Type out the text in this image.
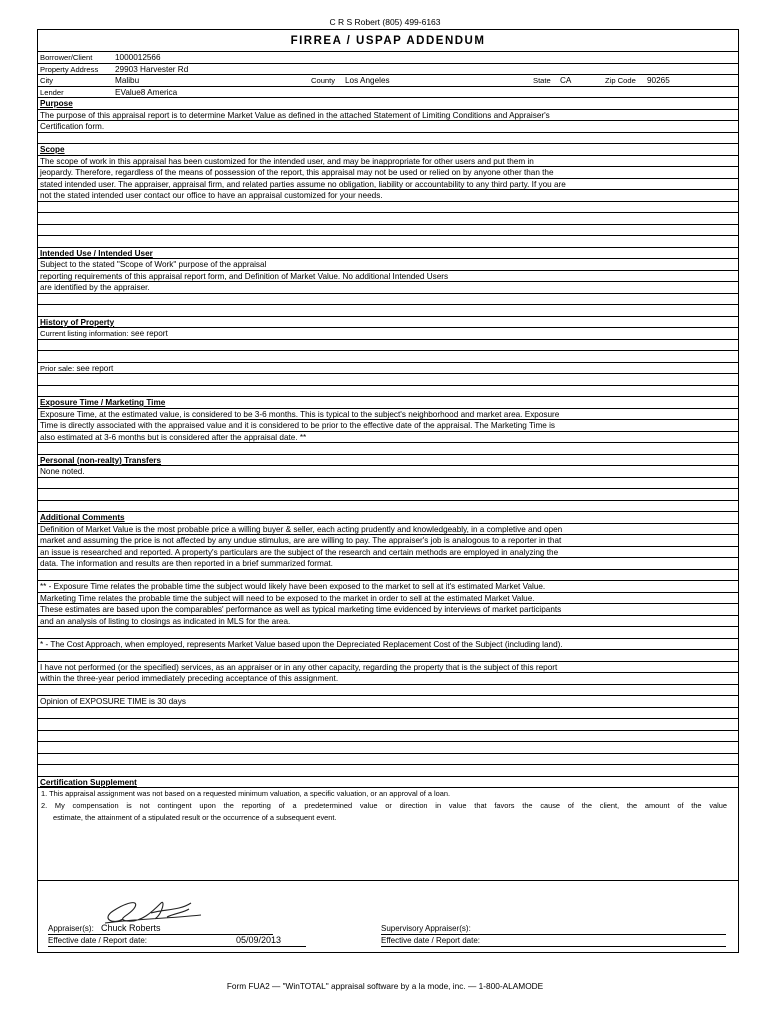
C R S Robert (805) 499-6163
FIRREA / USPAP ADDENDUM
Borrower/Client	1000012566
Property Address 29903 Harvester Rd
City	Malibu	County Los Angeles	State CA	Zip Code 90265
Lender	EValue8 America
Purpose
The purpose of this appraisal report is to determine Market Value as defined in the attached Statement of Limiting Conditions and Appraiser's
Certification form.
Scope
The scope of work in this appraisal has been customized for the intended user, and may be inappropriate for other users and put them in
jeopardy. Therefore, regardless of the means of possession of the report, this appraisal may not be used or relied on by anyone other than the
stated intended user. The appraiser, appraisal firm, and related parties assume no obligation, liability or accountability to any third party. If you are
not the stated intended user contact our office to have an appraisal customized for your needs.
Intended Use / Intended User
Subject to the stated "Scope of Work" purpose of the appraisal
reporting requirements of this appraisal report form, and Definition of Market Value. No additional Intended Users
are identified by the appraiser.
History of Property
Current listing information: see report
Prior sale: see report
Exposure Time / Marketing Time
Exposure Time, at the estimated value, is considered to be 3-6 months. This is typical to the subject's neighborhood and market area. Exposure
Time is directly associated with the appraised value and it is considered to be prior to the effective date of the appraisal. The Marketing Time is
also estimated at 3-6 months but is considered after the appraisal date. **
Personal (non-realty) Transfers
None noted.
Additional Comments
Definition of Market Value is the most probable price a willing buyer & seller, each acting prudently and knowledgeably, in a completive and open
market and assuming the price is not affected by any undue stimulus, are are willing to pay. The appraiser's job is analogous to a reporter in that
an issue is researched and reported. A property's particulars are the subject of the research and certain methods are employed in analyzing the
data. The information and results are then reported in a brief summarized format.
** - Exposure Time relates the probable time the subject would likely have been exposed to the market to sell at it's estimated Market Value.
Marketing Time relates the probable time the subject will need to be exposed to the market in order to sell at the estimated Market Value.
These estimates are based upon the comparables' performance as well as typical marketing time evidenced by interviews of market participants
and an analysis of listing to closings as indicated in MLS for the area.
* - The Cost Approach, when employed, represents Market Value based upon the Depreciated Replacement Cost of the Subject (including land).
I have not performed (or the specified) services, as an appraiser or in any other capacity, regarding the property that is the subject of this report
within the three-year period immediately preceding acceptance of this assignment.
Opinion of EXPOSURE TIME is 30 days
Certification Supplement
1. This appraisal assignment was not based on a requested minimum valuation, a specific valuation, or an approval of a loan.
2. My compensation is not contingent upon the reporting of a predetermined value or direction in value that favors the cause of the client, the amount of the value
estimate, the attainment of a stipulated result or the occurrence of a subsequent event.
Appraiser(s): Chuck Roberts
Effective date / Report date:	05/09/2013
Supervisory Appraiser(s):
Effective date / Report date:
Form FUA2 — "WinTOTAL" appraisal software by a la mode, inc. — 1-800-ALAMODE
